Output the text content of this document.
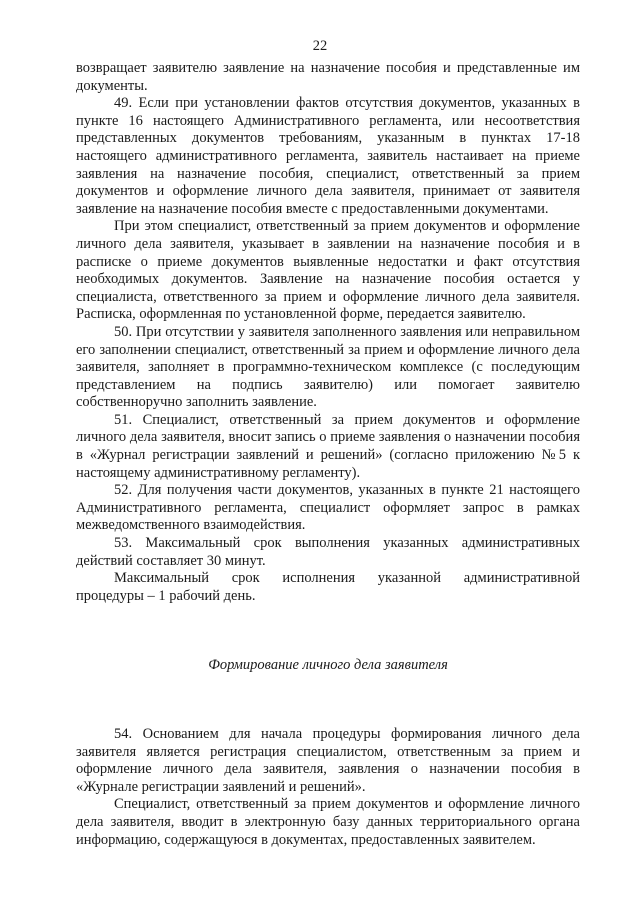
22

возвращает заявителю заявление на назначение пособия и представленные им документы.

49. Если при установлении фактов отсутствия документов, указанных в пункте 16 настоящего Административного регламента, или несоответствия представленных документов требованиям, указанным в пунктах 17-18 настоящего административного регламента, заявитель настаивает на приеме заявления на назначение пособия, специалист, ответственный за прием документов и оформление личного дела заявителя, принимает от заявителя заявление на назначение пособия вместе с предоставленными документами.

При этом специалист, ответственный за прием документов и оформление личного дела заявителя, указывает в заявлении на назначение пособия и в расписке о приеме документов выявленные недостатки и факт отсутствия необходимых документов. Заявление на назначение пособия остается у специалиста, ответственного за прием и оформление личного дела заявителя. Расписка, оформленная по установленной форме, передается заявителю.

50. При отсутствии у заявителя заполненного заявления или неправильном его заполнении специалист, ответственный за прием и оформление личного дела заявителя, заполняет в программно-техническом комплексе (с последующим представлением на подпись заявителю) или помогает заявителю собственноручно заполнить заявление.

51. Специалист, ответственный за прием документов и оформление личного дела заявителя, вносит запись о приеме заявления о назначении пособия в «Журнал регистрации заявлений и решений» (согласно приложению №5 к настоящему административному регламенту).

52. Для получения части документов, указанных в пункте 21 настоящего Административного регламента, специалист оформляет запрос в рамках межведомственного взаимодействия.

53. Максимальный срок выполнения указанных административных действий составляет 30 минут.

Максимальный срок исполнения указанной административной

процедуры – 1 рабочий день.

Формирование личного дела заявителя

54. Основанием для начала процедуры формирования личного дела заявителя является регистрация специалистом, ответственным за прием и оформление личного дела заявителя, заявления о назначении пособия в «Журнале регистрации заявлений и решений».

Специалист, ответственный за прием документов и оформление личного дела заявителя, вводит в электронную базу данных территориального органа информацию, содержащуюся в документах, предоставленных заявителем.
